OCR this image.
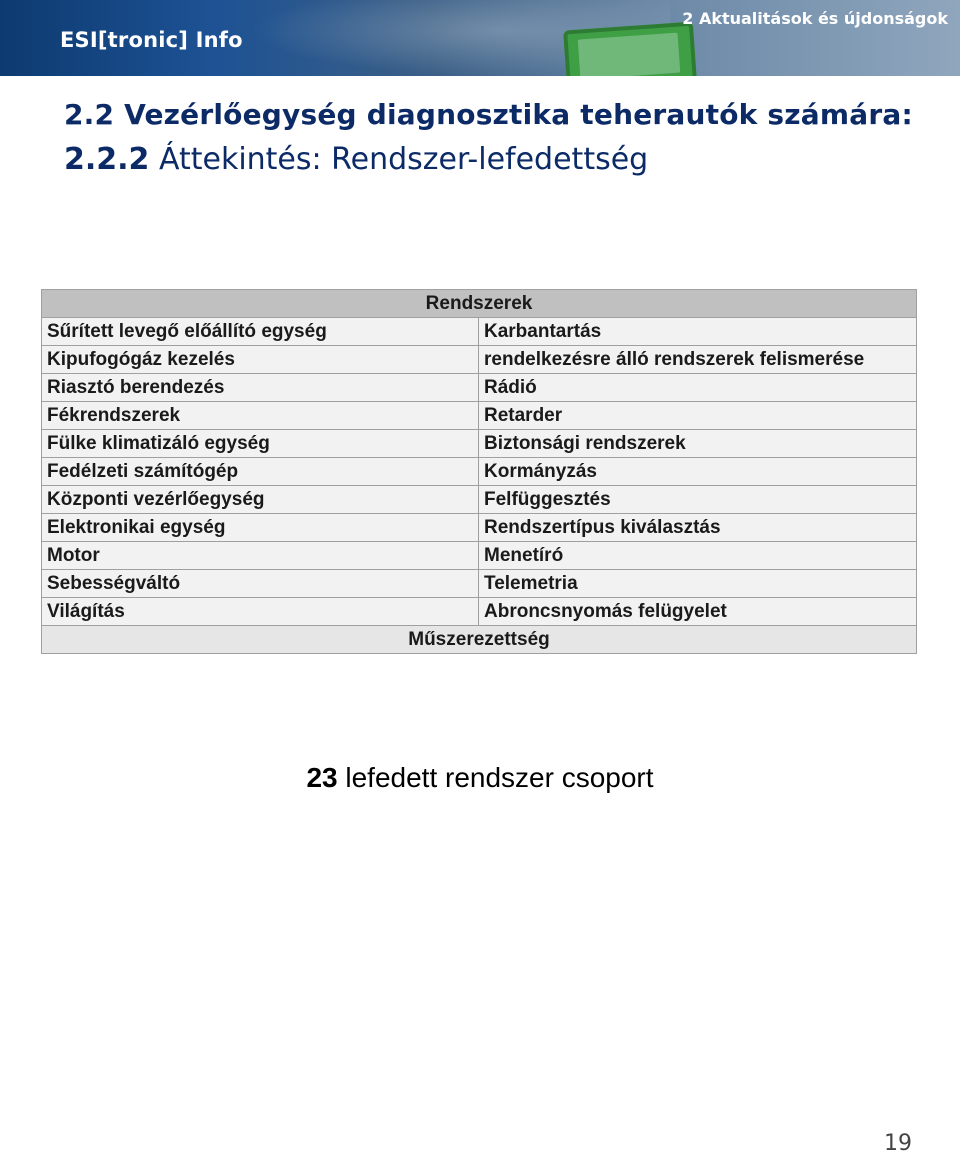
ESI[tronic] Info
2 Aktualitások és újdonságok
2.2 Vezérlőegység diagnosztika teherautók számára:
2.2.2 Áttekintés: Rendszer-lefedettség
Rendszerek	
Sűrített levegő előállító egység	Karbantartás
Kipufogógáz kezelés	rendelkezésre álló rendszerek felismerése
Riasztó berendezés	Rádió
Fékrendszerek	Retarder
Fülke klimatizáló egység	Biztonsági rendszerek
Fedélzeti számítógép	Kormányzás
Központi vezérlőegység	Felfüggesztés
Elektronikai egység	Rendszertípus kiválasztás
Motor	Menetíró
Sebességváltó	Telemetria
Világítás	Abroncsnyomás felügyelet
Műszerezettség	
23 lefedett rendszer csoport
19
